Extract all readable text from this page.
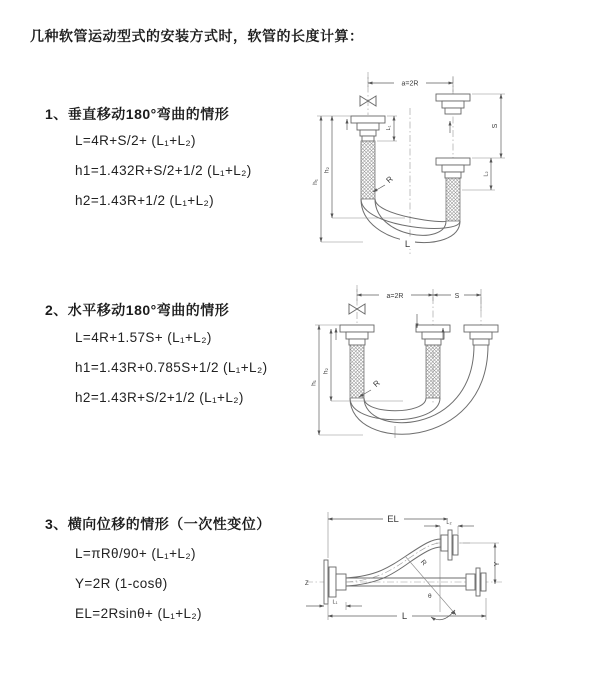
几种软管运动型式的安装方式时，软管的长度计算：
1、垂直移动180°弯曲的情形
L=4R+S/2+ (L₁+L₂)
h1=1.432R+S/2+1/2 (L₁+L₂)
h2=1.43R+1/2 (L₁+L₂)
2、水平移动180°弯曲的情形
L=4R+1.57S+ (L₁+L₂)
h1=1.43R+0.785S+1/2 (L₁+L₂)
h2=1.43R+S/2+1/2 (L₁+L₂)
3、横向位移的情形（一次性变位）
L=πRθ/90+ (L₁+L₂)
Y=2R (1-cosθ)
EL=2Rsinθ+ (L₁+L₂)
a=2R
R
h₁
h₂
L₁	S
L₂
L
a=2R	S
R
h₁
h₂
Z
EL	L₂
R
θ
Y
L
L₁
